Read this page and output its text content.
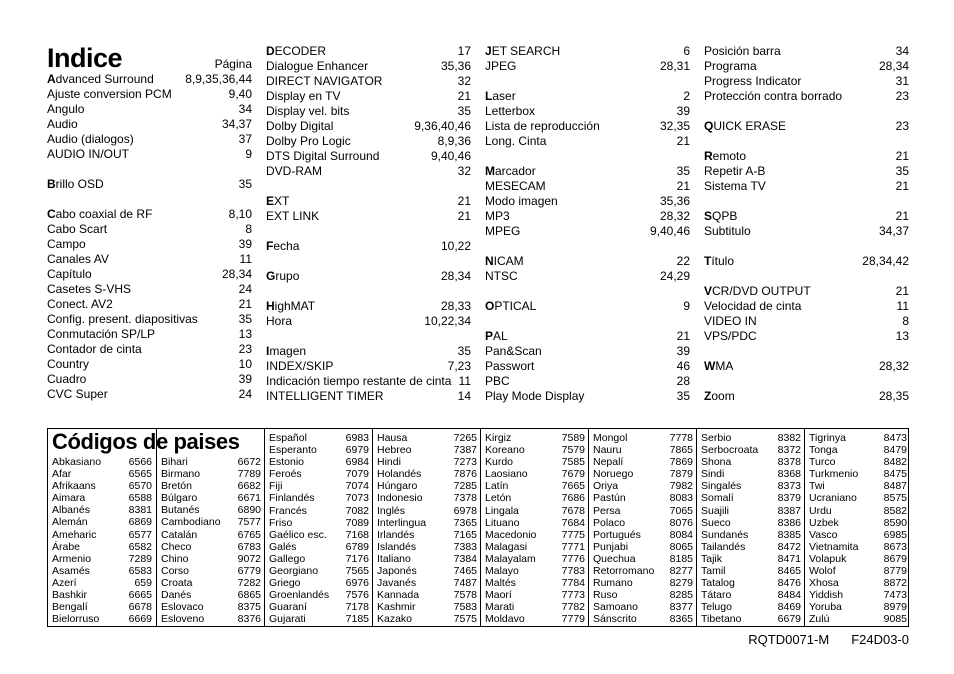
Indice	Página
Advanced Surround	8,9,35,36,44
Ajuste conversion PCM	9,40
Angulo	34
Audio	34,37
Audio (dialogos)	37
AUDIO IN/OUT	9
Brillo OSD	35
Cabo coaxial de RF	8,10
Cabo Scart	8
Campo	39
Canales AV	11
Capítulo	28,34
Casetes S-VHS	24
Conect. AV2	21
Config. present. diapositivas	35
Conmutación SP/LP	13
Contador de cinta	23
Country	10
Cuadro	39
CVC Super	24
DECODER	17
Dialogue Enhancer	35,36
DIRECT NAVIGATOR	32
Display en TV	21
Display vel. bits	35
Dolby Digital	9,36,40,46
Dolby Pro Logic	8,9,36
DTS Digital Surround	9,40,46
DVD-RAM	32
EXT	21
EXT LINK	21
Fecha	10,22
Grupo	28,34
HighMAT	28,33
Hora	10,22,34
Imagen	35
INDEX/SKIP	7,23
Indicación tiempo restante de cinta 11
INTELLIGENT TIMER	14
JET SEARCH	6
JPEG	28,31
Laser	2
Letterbox	39
Lista de reproducción	32,35
Long. Cinta	21
Marcador	35
MESECAM	21
Modo imagen	35,36
MP3	28,32
MPEG	9,40,46
NICAM	22
NTSC	24,29
OPTICAL	9
PAL	21
Pan&Scan	39
Passwort	46
PBC	28
Play Mode Display	35
Posición barra	34
Programa	28,34
Progress Indicator	31
Protección contra borrado	23
QUICK ERASE	23
Remoto	21
Repetir A-B	35
Sistema TV	21
SQPB	21
Subtitulo	34,37
Título	28,34,42
VCR/DVD OUTPUT	21
Velocidad de cinta	11
VIDEO IN	8
VPS/PDC	13
WMA	28,32
Zoom	28,35
Códigos de paises
Abkasiano	6566
Afar	6565
Afrikaans	6570
Aimara	6588
Albanés	8381
Alemán	6869
Ameharic	6577
Árabe	6582
Armenio	7289
Asamés	6583
Azerí	659
Bashkir	6665
Bengalí	6678
Bielorruso	6669
Bihari	6672
Birmano	7789
Bretón	6682
Búlgaro	6671
Butanés	6890
Cambodiano 7577
Catalán	6765
Checo	6783
Chino	9072
Corso	6779
Croata	7282
Danés	6865
Eslovaco	8375
Esloveno	8376
Español	6983
Esperanto	6979
Estonio	6984
Feroés	7079
Fiji	7074
Finlandés	7073
Francés	7082
Friso	7089
Gaélico esc. 7168
Galés	6789
Gallego	7176
Georgiano	7565
Griego	6976
Groenlandés 7576
Guaraní	7178
Gujarati	7185
Hausa	7265
Hebreo	7387
Hindi	7273
Holandés	7876
Húngaro	7285
Indonesio	7378
Inglés	6978
Interlingua	7365
Irlandés	7165
Islandés	7383
Italiano	7384
Japonés	7465
Javanés	7487
Kannada	7578
Kashmir	7583
Kazako	7575
Kirgiz	7589
Koreano	7579
Kurdo	7585
Laosiano	7679
Latín	7665
Letón	7686
Lingala	7678
Lituano	7684
Macedonio 7775
Malagasi	7771
Malayalam 7776
Malayo	7783
Maltés	7784
Maorí	7773
Marati	7782
Moldavo	7779
Mongol	7778
Nauru	7865
Nepalí	7869
Noruego	7879
Oriya	7982
Pastún	8083
Persa	7065
Polaco	8076
Portugués	8084
Punjabi	8065
Quechua	8185
Retorromano 8277
Rumano	8279
Ruso	8285
Samoano	8377
Sánscrito	8365
Serbio	8382
Serbocroata 8372
Shona	8378
Sindi	8368
Singalés	8373
Somalí	8379
Suajili	8387
Sueco	8386
Sundanés	8385
Tailandés	8472
Tajik	8471
Tamil	8465
Tatalog	8476
Tátaro	8484
Telugo	8469
Tibetano	6679
Tigrinya	8473
Tonga	8479
Turco	8482
Turkmenio 8475
Twi	8487
Ucraniano	8575
Urdu	8582
Uzbek	8590
Vasco	6985
Vietnamita 8673
Volapuk	8679
Wolof	8779
Xhosa	8872
Yiddish	7473
Yoruba	8979
Zulú	9085
RQTD0071-M F24D03-0
